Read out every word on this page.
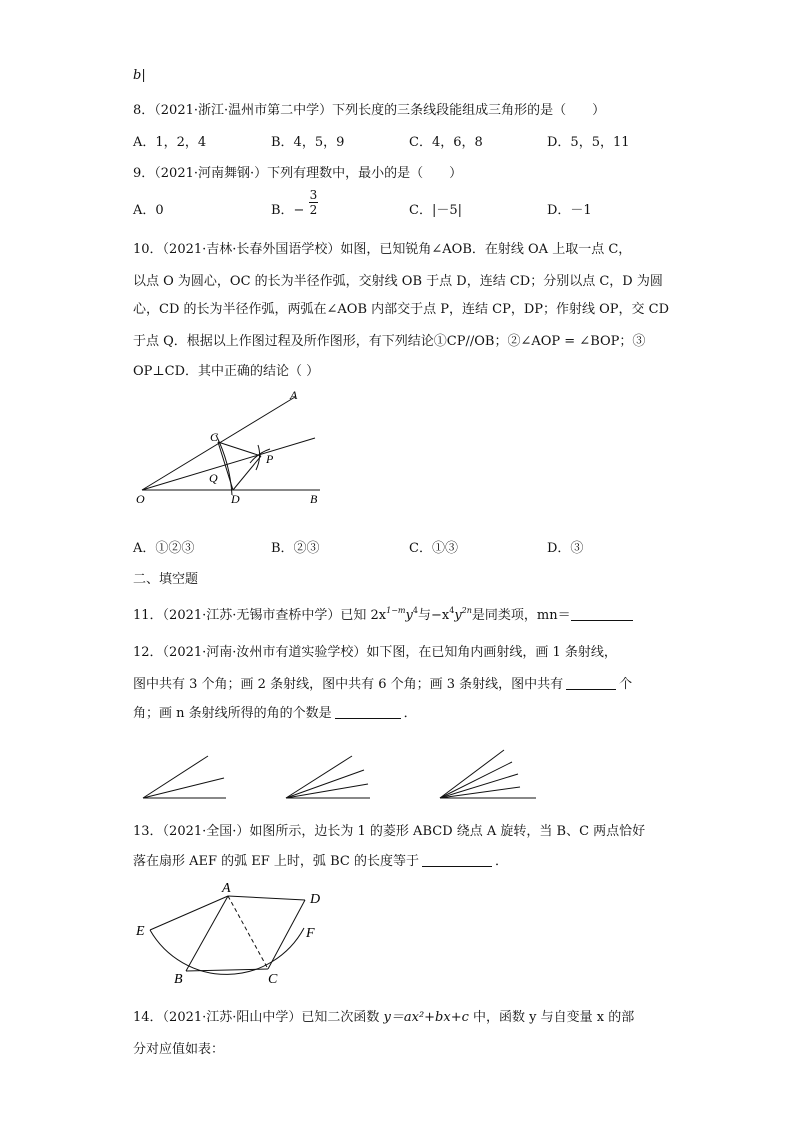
b|
8．（2021·浙江·温州市第二中学）下列长度的三条线段能组成三角形的是（　　）
A．1，2，4	B．4，5，9	C．4，6，8	D．5，5，11
9．（2021·河南舞钢·）下列有理数中，最小的是（　　）
A．0	B．− $\frac{3}{2}$	C．|－5|	D．－1
10．（2021·吉林·长春外国语学校）如图，已知锐角∠AOB．在射线 OA 上取一点 C，
以点 O 为圆心，OC 的长为半径作弧，交射线 OB 于点 D，连结 CD；分别以点 C，D 为圆
心，CD 的长为半径作弧，两弧在∠AOB 内部交于点 P，连结 CP，DP；作射线 OP，交 CD
于点 Q．根据以上作图过程及所作图形，有下列结论①CP//OB；②∠AOP = ∠BOP；③
OP⊥CD．其中正确的结论（ ）
A
C
P
Q
O	D	B
A．①②③	B．②③	C．①③	D．③
二、填空题
11．（2021·江苏·无锡市查桥中学）已知 $2x^{1-m}y^4$与$-x^4y^{2n}$是同类项，mn＝
12．（2021·河南·汝州市有道实验学校）如下图，在已知角内画射线，画 1 条射线，
图中共有 3 个角；画 2 条射线，图中共有 6 个角；画 3 条射线，图中共有	个
角；画 n 条射线所得的角的个数是	．
13．（2021·全国·）如图所示，边长为 1 的菱形 ABCD 绕点 A 旋转，当 B、C 两点恰好
落在扇形 AEF 的弧 EF 上时，弧 BC 的长度等于	．
A
D
E	F
B	C
14．（2021·江苏·阳山中学）已知二次函数 y＝ax²+bx+c 中，函数 y 与自变量 x 的部
分对应值如表：
